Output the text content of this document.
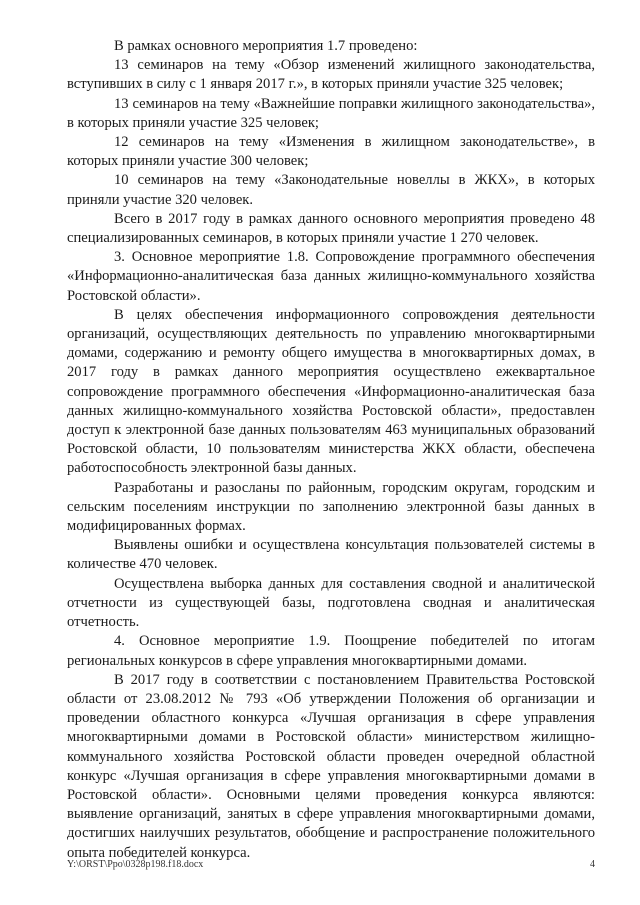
В рамках основного мероприятия 1.7 проведено:

13 семинаров на тему «Обзор изменений жилищного законодательства, вступивших в силу с 1 января 2017 г.», в которых приняли участие 325 человек;

13 семинаров на тему «Важнейшие поправки жилищного законодательства», в которых приняли участие 325 человек;

12 семинаров на тему «Изменения в жилищном законодательстве», в которых приняли участие 300 человек;

10 семинаров на тему «Законодательные новеллы в ЖКХ», в которых приняли участие 320 человек.

Всего в 2017 году в рамках данного основного мероприятия проведено 48 специализированных семинаров, в которых приняли участие 1 270 человек.

3. Основное мероприятие 1.8. Сопровождение программного обеспечения «Информационно-аналитическая база данных жилищно-коммунального хозяйства Ростовской области».

В целях обеспечения информационного сопровождения деятельности организаций, осуществляющих деятельность по управлению многоквартирными домами, содержанию и ремонту общего имущества в многоквартирных домах, в 2017 году в рамках данного мероприятия осуществлено ежеквартальное сопровождение программного обеспечения «Информационно-аналитическая база данных жилищно-коммунального хозяйства Ростовской области», предоставлен доступ к электронной базе данных пользователям 463 муниципальных образований Ростовской области, 10 пользователям министерства ЖКХ области, обеспечена работоспособность электронной базы данных.

Разработаны и разосланы по районным, городским округам, городским и сельским поселениям инструкции по заполнению электронной базы данных в модифицированных формах.

Выявлены ошибки и осуществлена консультация пользователей системы в количестве 470 человек.

Осуществлена выборка данных для составления сводной и аналитической отчетности из существующей базы, подготовлена сводная и аналитическая отчетность.

4. Основное мероприятие 1.9. Поощрение победителей по итогам региональных конкурсов в сфере управления многоквартирными домами.

В 2017 году в соответствии с постановлением Правительства Ростовской области от 23.08.2012 № 793 «Об утверждении Положения об организации и проведении областного конкурса «Лучшая организация в сфере управления многоквартирными домами в Ростовской области» министерством жилищно-коммунального хозяйства Ростовской области проведен очередной областной конкурс «Лучшая организация в сфере управления многоквартирными домами в Ростовской области». Основными целями проведения конкурса являются: выявление организаций, занятых в сфере управления многоквартирными домами, достигших наилучших результатов, обобщение и распространение положительного опыта победителей конкурса.

Y:\ORST\Ppo\0328p198.f18.docx	4
